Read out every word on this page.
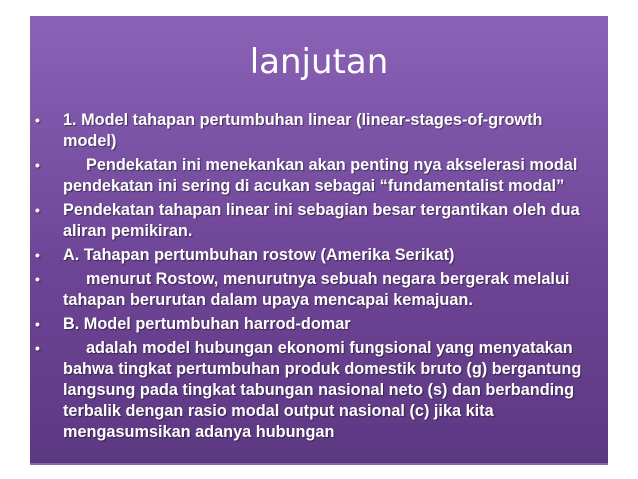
lanjutan
• 1. Model tahapan pertumbuhan linear (linear-stages-of-growth model)
•	Pendekatan ini menekankan akan penting nya akselerasi modal pendekatan ini sering di acukan sebagai “fundamentalist modal”
• Pendekatan tahapan linear ini sebagian besar tergantikan oleh dua aliran pemikiran.
• A. Tahapan pertumbuhan rostow (Amerika Serikat)
•	menurut Rostow, menurutnya sebuah negara bergerak melalui tahapan berurutan dalam upaya mencapai kemajuan.
• B. Model pertumbuhan harrod-domar
•	adalah model hubungan ekonomi fungsional yang menyatakan bahwa tingkat pertumbuhan produk domestik bruto (g) bergantung langsung pada tingkat tabungan nasional neto (s) dan berbanding terbalik dengan rasio modal output nasional (c) jika kita mengasumsikan adanya hubungan
